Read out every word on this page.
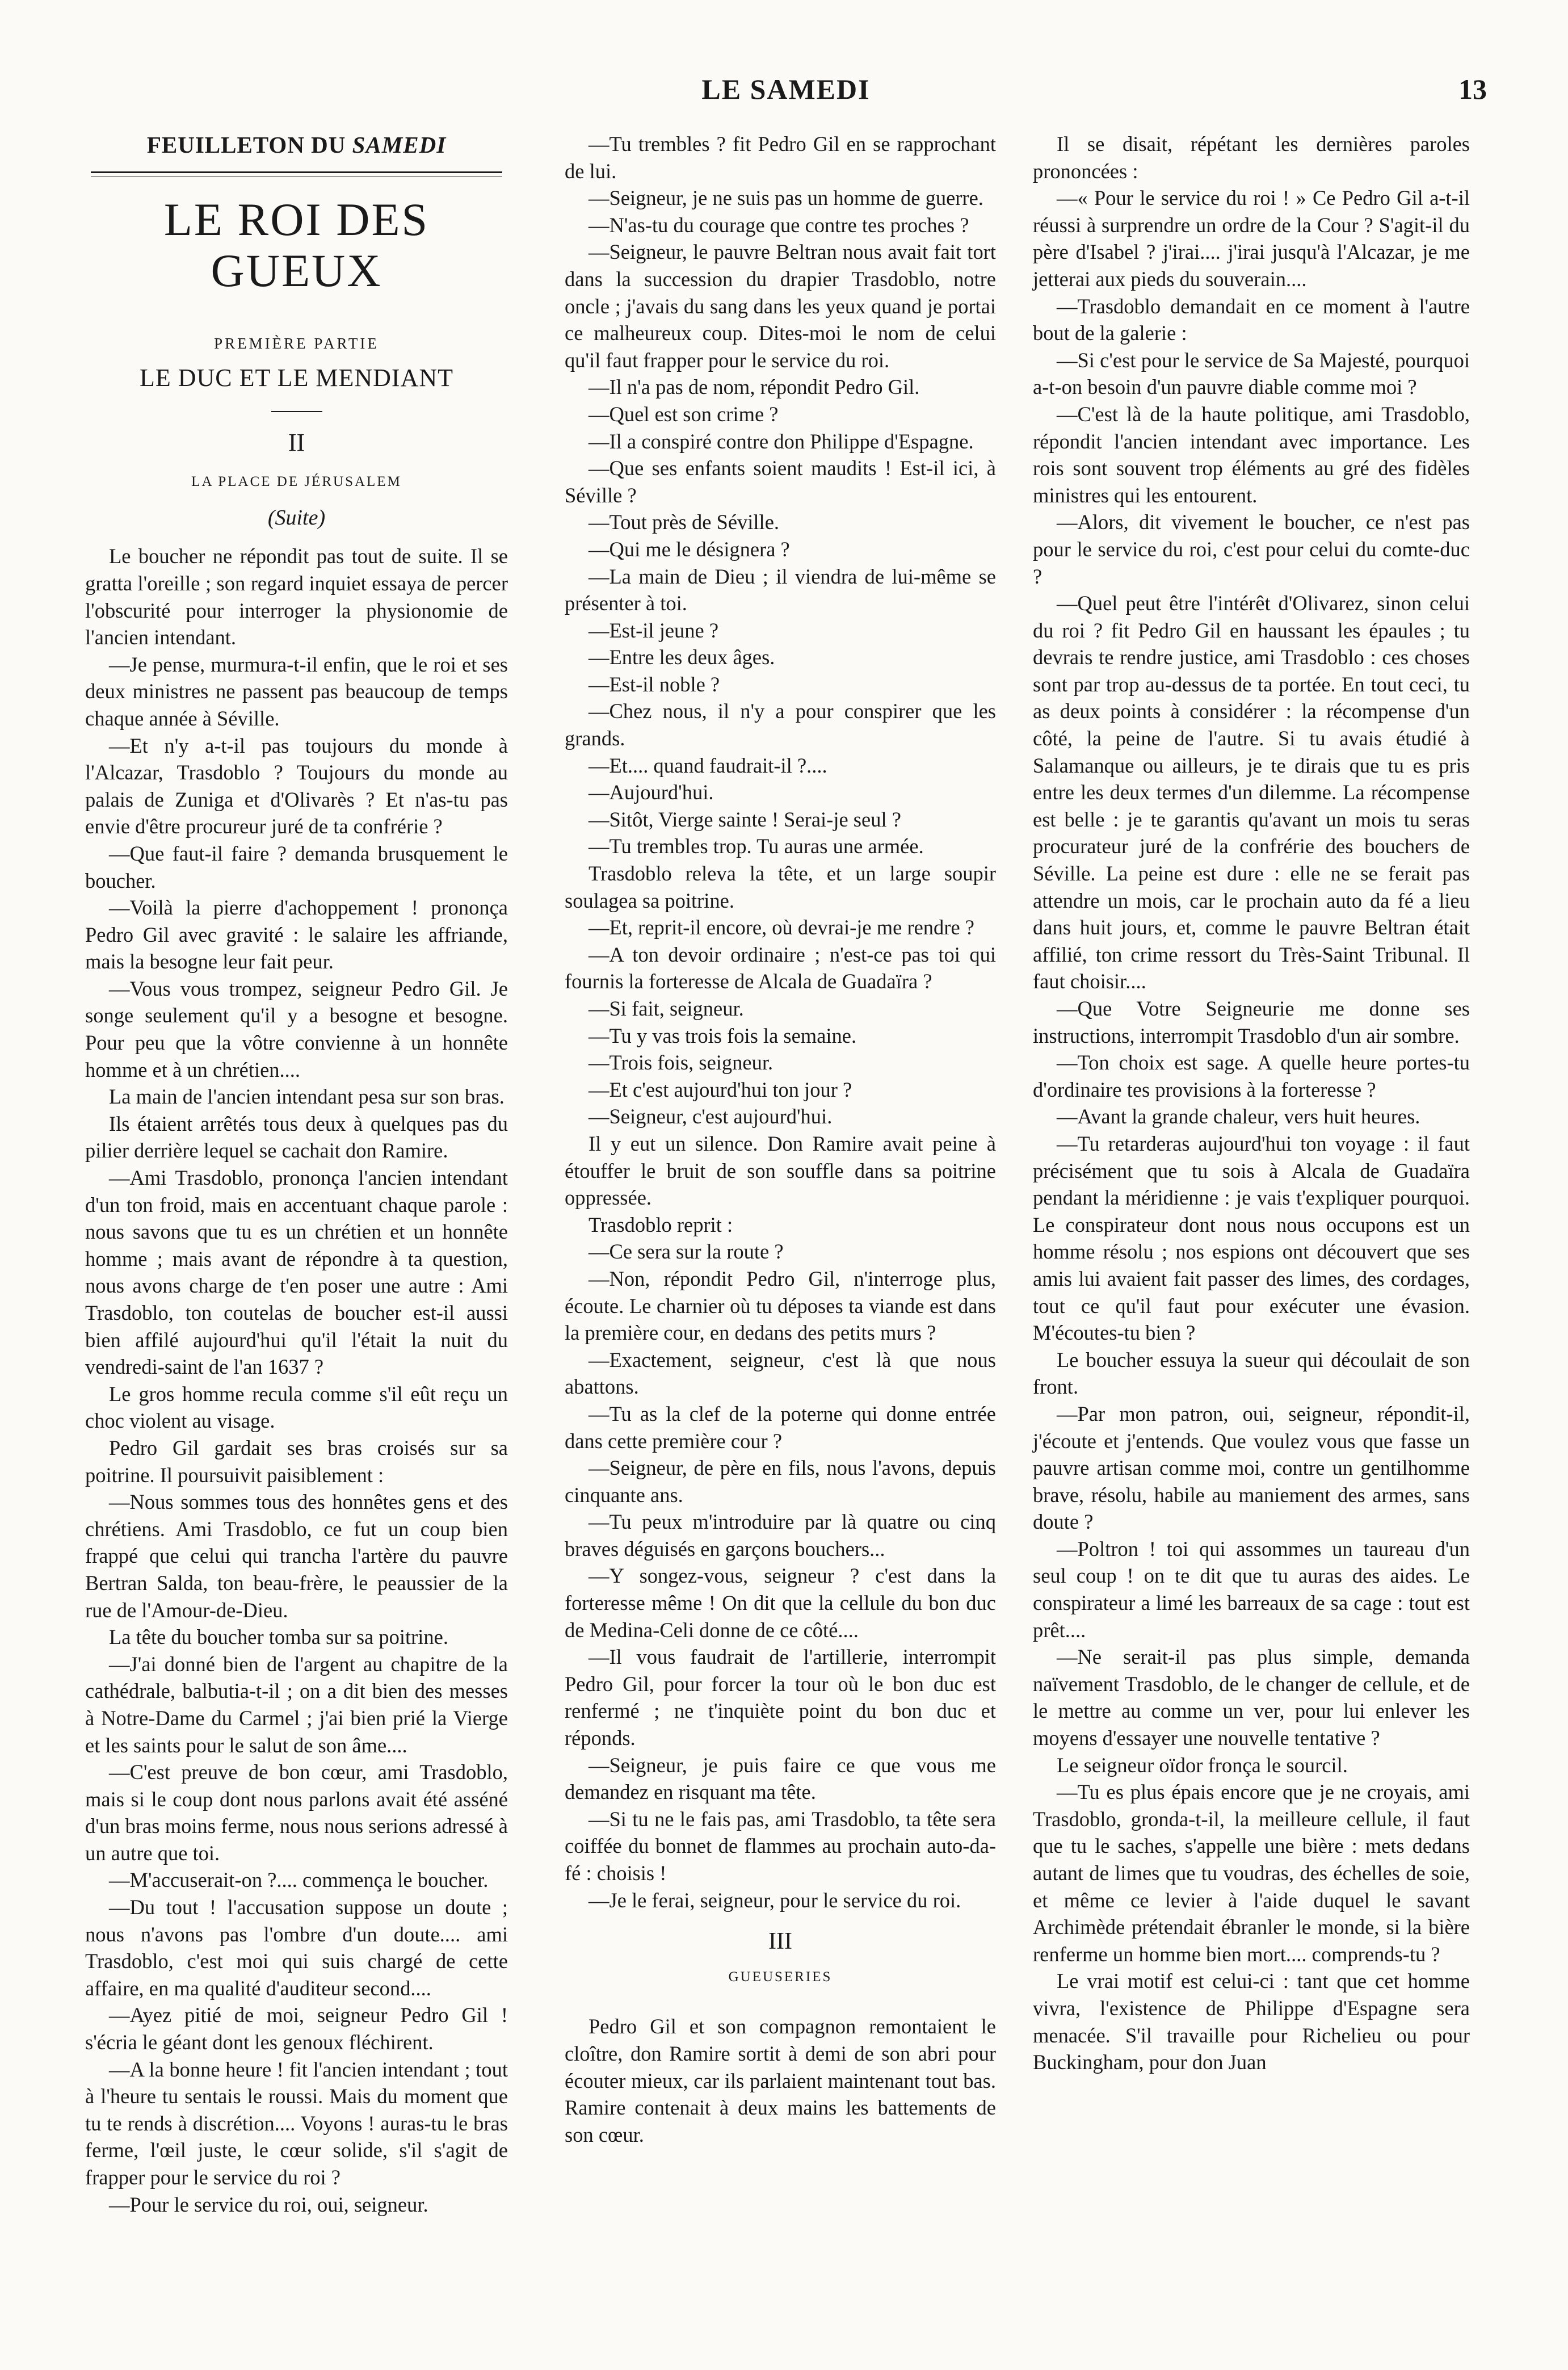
LE SAMEDI	13
FEUILLETON DU SAMEDI
LE ROI DES GUEUX
PREMIÈRE PARTIE
LE DUC ET LE MENDIANT
II
LA PLACE DE JÉRUSALEM
(Suite)

Le boucher ne répondit pas tout de suite. Il se gratta l'oreille ; son regard inquiet essaya de percer l'obscurité pour interroger la physionomie de l'ancien intendant.

—Je pense, murmura-t-il enfin, que le roi et ses deux ministres ne passent pas beaucoup de temps chaque année à Séville.

—Et n'y a-t-il pas toujours du monde à l'Alcazar, Trasdoblo ? Toujours du monde au palais de Zuniga et d'Olivarès ? Et n'as-tu pas envie d'être procureur juré de ta confrérie ?

—Que faut-il faire ? demanda brusquement le boucher.

—Voilà la pierre d'achoppement ! prononça Pedro Gil avec gravité : le salaire les affriande, mais la besogne leur fait peur.

—Vous vous trompez, seigneur Pedro Gil. Je songe seulement qu'il y a besogne et besogne. Pour peu que la vôtre convienne à un honnête homme et à un chrétien....

La main de l'ancien intendant pesa sur son bras.

Ils étaient arrêtés tous deux à quelques pas du pilier derrière lequel se cachait don Ramire.

—Ami Trasdoblo, prononça l'ancien intendant d'un ton froid, mais en accentuant chaque parole : nous savons que tu es un chrétien et un honnête homme ; mais avant de répondre à ta question, nous avons charge de t'en poser une autre : Ami Trasdoblo, ton coutelas de boucher est-il aussi bien affilé aujourd'hui qu'il l'était la nuit du vendredi-saint de l'an 1637 ?

Le gros homme recula comme s'il eût reçu un choc violent au visage.

Pedro Gil gardait ses bras croisés sur sa poitrine. Il poursuivit paisiblement :

—Nous sommes tous des honnêtes gens et des chrétiens. Ami Trasdoblo, ce fut un coup bien frappé que celui qui trancha l'artère du pauvre Bertran Salda, ton beau-frère, le peaussier de la rue de l'Amour-de-Dieu.

La tête du boucher tomba sur sa poitrine.

—J'ai donné bien de l'argent au chapitre de la cathédrale, balbutia-t-il ; on a dit bien des messes à Notre-Dame du Carmel ; j'ai bien prié la Vierge et les saints pour le salut de son âme....

—C'est preuve de bon cœur, ami Trasdoblo, mais si le coup dont nous parlons avait été asséné d'un bras moins ferme, nous nous serions adressé à un autre que toi.

—M'accuserait-on ?.... commença le boucher.

—Du tout ! l'accusation suppose un doute ; nous n'avons pas l'ombre d'un doute.... ami Trasdoblo, c'est moi qui suis chargé de cette affaire, en ma qualité d'auditeur second....

—Ayez pitié de moi, seigneur Pedro Gil ! s'écria le géant dont les genoux fléchirent.

—A la bonne heure ! fit l'ancien intendant ; tout à l'heure tu sentais le roussi. Mais du moment que tu te rends à discrétion.... Voyons ! auras-tu le bras ferme, l'œil juste, le cœur solide, s'il s'agit de frapper pour le service du roi ?

—Pour le service du roi, oui, seigneur.

—Tu trembles ? fit Pedro Gil en se rapprochant de lui.

—Seigneur, je ne suis pas un homme de guerre.

—N'as-tu du courage que contre tes proches ?

—Seigneur, le pauvre Beltran nous avait fait tort dans la succession du drapier Trasdoblo, notre oncle ; j'avais du sang dans les yeux quand je portai ce malheureux coup. Dites-moi le nom de celui qu'il faut frapper pour le service du roi.

—Il n'a pas de nom, répondit Pedro Gil.

—Quel est son crime ?

—Il a conspiré contre don Philippe d'Espagne.

—Que ses enfants soient maudits ! Est-il ici, à Séville ?

—Tout près de Séville.

—Qui me le désignera ?

—La main de Dieu ; il viendra de lui-même se présenter à toi.

—Est-il jeune ?

—Entre les deux âges.

—Est-il noble ?

—Chez nous, il n'y a pour conspirer que les grands.

—Et.... quand faudrait-il ?....

—Aujourd'hui.

—Sitôt, Vierge sainte ! Serai-je seul ?

—Tu trembles trop. Tu auras une armée.

Trasdoblo releva la tête, et un large soupir soulagea sa poitrine.

—Et, reprit-il encore, où devrai-je me rendre ?

—A ton devoir ordinaire ; n'est-ce pas toi qui fournis la forteresse de Alcala de Guadaïra ?

—Si fait, seigneur.

—Tu y vas trois fois la semaine.

—Trois fois, seigneur.

—Et c'est aujourd'hui ton jour ?

—Seigneur, c'est aujourd'hui.

Il y eut un silence. Don Ramire avait peine à étouffer le bruit de son souffle dans sa poitrine oppressée.

Trasdoblo reprit :

—Ce sera sur la route ?

—Non, répondit Pedro Gil, n'interroge plus, écoute. Le charnier où tu déposes ta viande est dans la première cour, en dedans des petits murs ?

—Exactement, seigneur, c'est là que nous abattons.

—Tu as la clef de la poterne qui donne entrée dans cette première cour ?

—Seigneur, de père en fils, nous l'avons, depuis cinquante ans.

—Tu peux m'introduire par là quatre ou cinq braves déguisés en garçons bouchers...

—Y songez-vous, seigneur ? c'est dans la forteresse même ! On dit que la cellule du bon duc de Medina-Celi donne de ce côté....

—Il vous faudrait de l'artillerie, interrompit Pedro Gil, pour forcer la tour où le bon duc est renfermé ; ne t'inquiète point du bon duc et réponds.

—Seigneur, je puis faire ce que vous me demandez en risquant ma tête.

—Si tu ne le fais pas, ami Trasdoblo, ta tête sera coiffée du bonnet de flammes au prochain auto-da-fé : choisis !

—Je le ferai, seigneur, pour le service du roi.

III
GUEUSERIES

Pedro Gil et son compagnon remontaient le cloître, don Ramire sortit à demi de son abri pour écouter mieux, car ils parlaient maintenant tout bas. Ramire contenait à deux mains les battements de son cœur.

Il se disait, répétant les dernières paroles prononcées :

—« Pour le service du roi ! » Ce Pedro Gil a-t-il réussi à surprendre un ordre de la Cour ? S'agit-il du père d'Isabel ? j'irai.... j'irai jusqu'à l'Alcazar, je me jetterai aux pieds du souverain....

—Trasdoblo demandait en ce moment à l'autre bout de la galerie :

—Si c'est pour le service de Sa Majesté, pourquoi a-t-on besoin d'un pauvre diable comme moi ?

—C'est là de la haute politique, ami Trasdoblo, répondit l'ancien intendant avec importance. Les rois sont souvent trop éléments au gré des fidèles ministres qui les entourent.

—Alors, dit vivement le boucher, ce n'est pas pour le service du roi, c'est pour celui du comte-duc ?

—Quel peut être l'intérêt d'Olivarez, sinon celui du roi ? fit Pedro Gil en haussant les épaules ; tu devrais te rendre justice, ami Trasdoblo : ces choses sont par trop au-dessus de ta portée. En tout ceci, tu as deux points à considérer : la récompense d'un côté, la peine de l'autre. Si tu avais étudié à Salamanque ou ailleurs, je te dirais que tu es pris entre les deux termes d'un dilemme. La récompense est belle : je te garantis qu'avant un mois tu seras procurateur juré de la confrérie des bouchers de Séville. La peine est dure : elle ne se ferait pas attendre un mois, car le prochain auto da fé a lieu dans huit jours, et, comme le pauvre Beltran était affilié, ton crime ressort du Très-Saint Tribunal. Il faut choisir....

—Que Votre Seigneurie me donne ses instructions, interrompit Trasdoblo d'un air sombre.

—Ton choix est sage. A quelle heure portes-tu d'ordinaire tes provisions à la forteresse ?

—Avant la grande chaleur, vers huit heures.

—Tu retarderas aujourd'hui ton voyage : il faut précisément que tu sois à Alcala de Guadaïra pendant la méridienne : je vais t'expliquer pourquoi. Le conspirateur dont nous nous occupons est un homme résolu ; nos espions ont découvert que ses amis lui avaient fait passer des limes, des cordages, tout ce qu'il faut pour exécuter une évasion. M'écoutes-tu bien ?

Le boucher essuya la sueur qui découlait de son front.

—Par mon patron, oui, seigneur, répondit-il, j'écoute et j'entends. Que voulez vous que fasse un pauvre artisan comme moi, contre un gentilhomme brave, résolu, habile au maniement des armes, sans doute ?

—Poltron ! toi qui assommes un taureau d'un seul coup ! on te dit que tu auras des aides. Le conspirateur a limé les barreaux de sa cage : tout est prêt....

—Ne serait-il pas plus simple, demanda naïvement Trasdoblo, de le changer de cellule, et de le mettre au comme un ver, pour lui enlever les moyens d'essayer une nouvelle tentative ?

Le seigneur oïdor fronça le sourcil.

—Tu es plus épais encore que je ne croyais, ami Trasdoblo, gronda-t-il, la meilleure cellule, il faut que tu le saches, s'appelle une bière : mets dedans autant de limes que tu voudras, des échelles de soie, et même ce levier à l'aide duquel le savant Archimède prétendait ébranler le monde, si la bière renferme un homme bien mort.... comprends-tu ?

Le vrai motif est celui-ci : tant que cet homme vivra, l'existence de Philippe d'Espagne sera menacée. S'il travaille pour Richelieu ou pour Buckingham, pour don Juan
